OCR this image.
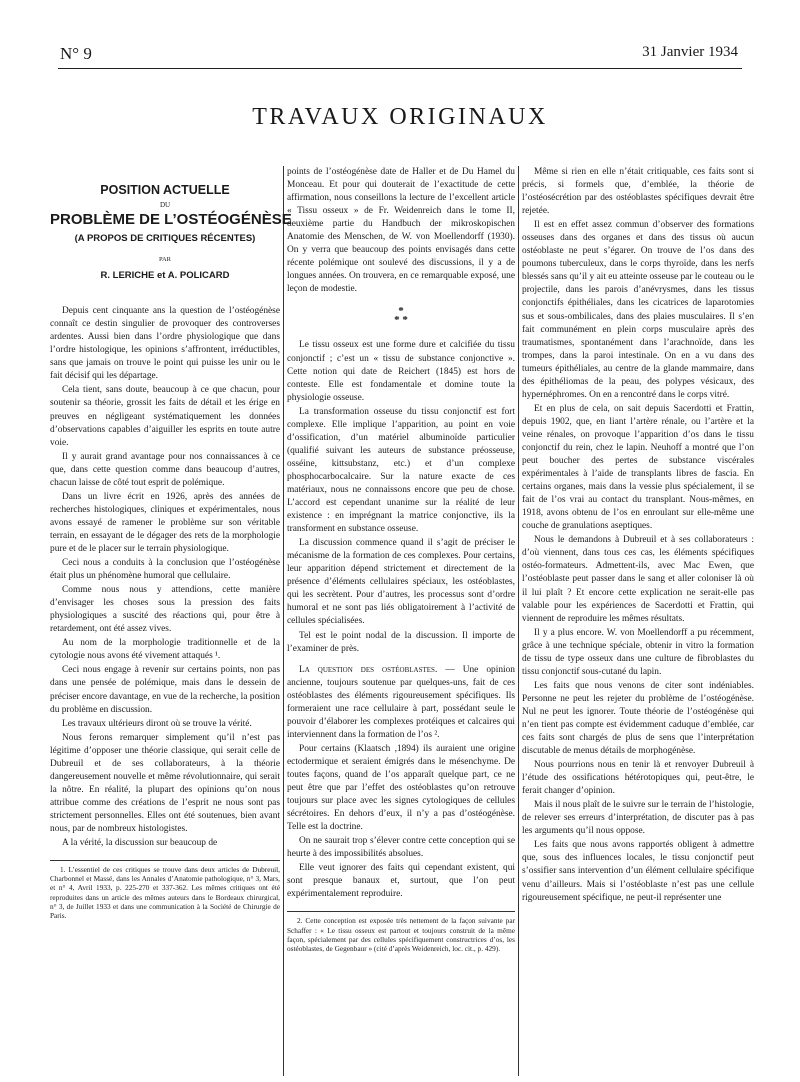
N° 9	31 Janvier 1934
TRAVAUX ORIGINAUX
POSITION ACTUELLE
DU
PROBLÈME DE L’OSTÉOGÉNÈSE
(A PROPOS DE CRITIQUES RÉCENTES)
PAR
R. LERICHE et A. POLICARD

Depuis cent cinquante ans la question de l’ostéogénèse connaît ce destin singulier de provoquer des controverses ardentes. Aussi bien dans l’ordre physiologique que dans l’ordre histologique, les opinions s’affrontent, irréductibles, sans que jamais on trouve le point qui puisse les unir ou le fait décisif qui les départage.

Cela tient, sans doute, beaucoup à ce que chacun, pour soutenir sa théorie, grossit les faits de détail et les érige en preuves en négligeant systématiquement les données d’observations capables d’aiguiller les esprits en toute autre voie.

Il y aurait grand avantage pour nos connaissances à ce que, dans cette question comme dans beaucoup d’autres, chacun laisse de côté tout esprit de polémique.

Dans un livre écrit en 1926, après des années de recherches histologiques, cliniques et expérimentales, nous avons essayé de ramener le problème sur son véritable terrain, en essayant de le dégager des rets de la morphologie pure et de le placer sur le terrain physiologique.

Ceci nous a conduits à la conclusion que l’ostéogénèse était plus un phénomène humoral que cellulaire.

Comme nous nous y attendions, cette manière d’envisager les choses sous la pression des faits physiologiques a suscité des réactions qui, pour être à retardement, ont été assez vives.

Au nom de la morphologie traditionnelle et de la cytologie nous avons été vivement attaqués ¹.

Ceci nous engage à revenir sur certains points, non pas dans une pensée de polémique, mais dans le dessein de préciser encore davantage, en vue de la recherche, la position du problème en discussion.

Les travaux ultérieurs diront où se trouve la vérité.

Nous ferons remarquer simplement qu’il n’est pas légitime d’opposer une théorie classique, qui serait celle de Dubreuil et de ses collaborateurs, à la théorie dangereusement nouvelle et même révolutionnaire, qui serait la nôtre. En réalité, la plupart des opinions qu’on nous attribue comme des créations de l’esprit ne nous sont pas strictement personnelles. Elles ont été soutenues, bien avant nous, par de nombreux histologistes.

A la vérité, la discussion sur beaucoup de

1. L’essentiel de ces critiques se trouve dans deux articles de Dubreuil, Charbonnel et Massé, dans les Annales d’Anatomie pathologique, n° 3, Mars, et n° 4, Avril 1933, p. 225-270 et 337-362. Les mêmes critiques ont été reproduites dans un article des mêmes auteurs dans le Bordeaux chirurgical, n° 3, de Juillet 1933 et dans une communication à la Société de Chirurgie de Paris.

points de l’ostéogénèse date de Haller et de Du Hamel du Monceau. Et pour qui douterait de l’exactitude de cette affirmation, nous conseillons la lecture de l’excellent article « Tissu osseux » de Fr. Weidenreich dans le tome II, deuxième partie du Handbuch der mikroskopischen Anatomie des Menschen, de W. von Moellendorff (1930). On y verra que beaucoup des points envisagés dans cette récente polémique ont soulevé des discussions, il y a de longues années. On trouvera, en ce remarquable exposé, une leçon de modestie.

*
* *

Le tissu osseux est une forme dure et calcifiée du tissu conjonctif ; c’est un « tissu de substance conjonctive ». Cette notion qui date de Reichert (1845) est hors de conteste. Elle est fondamentale et domine toute la physiologie osseuse.

La transformation osseuse du tissu conjonctif est fort complexe. Elle implique l’apparition, au point en voie d’ossification, d’un matériel albuminoïde particulier (qualifié suivant les auteurs de substance préosseuse, osséine, kittsubstanz, etc.) et d’un complexe phosphocarbocalcaire. Sur la nature exacte de ces matériaux, nous ne connaissons encore que peu de chose. L’accord est cependant unanime sur la réalité de leur existence : en imprégnant la matrice conjonctive, ils la transforment en substance osseuse.

La discussion commence quand il s’agit de préciser le mécanisme de la formation de ces complexes. Pour certains, leur apparition dépend strictement et directement de la présence d’éléments cellulaires spéciaux, les ostéoblastes, qui les secrètent. Pour d’autres, les processus sont d’ordre humoral et ne sont pas liés obligatoirement à l’activité de cellules spécialisées.

Tel est le point nodal de la discussion. Il importe de l’examiner de près.

La question des ostéoblastes. — Une opinion ancienne, toujours soutenue par quelques-uns, fait de ces ostéoblastes des éléments rigoureusement spécifiques. Ils formeraient une race cellulaire à part, possédant seule le pouvoir d’élaborer les complexes protéiques et calcaires qui interviennent dans la formation de l’os ².

Pour certains (Klaatsch ,1894) ils auraient une origine ectodermique et seraient émigrés dans le mésenchyme. De toutes façons, quand de l’os apparaît quelque part, ce ne peut être que par l’effet des ostéoblastes qu’on retrouve toujours sur place avec les signes cytologiques de cellules sécrétoires. En dehors d’eux, il n’y a pas d’ostéogénèse. Telle est la doctrine.

On ne saurait trop s’élever contre cette conception qui se heurte à des impossibilités absolues.

Elle veut ignorer des faits qui cependant existent, qui sont presque banaux et, surtout, que l’on peut expérimentalement reproduire.

2. Cette conception est exposée très nettement de la façon suivante par Schaffer : « Le tissu osseux est partout et toujours construit de la même façon, spécialement par des cellules spécifiquement constructrices d’os, les ostéoblastes, de Gegenbaur » (cité d’après Weidenreich, loc. cit., p. 429).

Même si rien en elle n’était critiquable, ces faits sont si précis, si formels que, d’emblée, la théorie de l’ostéosécrétion par des ostéoblastes spécifiques devrait être rejetée.

Il est en effet assez commun d’observer des formations osseuses dans des organes et dans des tissus où aucun ostéoblaste ne peut s’égarer. On trouve de l’os dans des poumons tuberculeux, dans le corps thyroïde, dans les nerfs blessés sans qu’il y ait eu atteinte osseuse par le couteau ou le projectile, dans les parois d’anévrysmes, dans les tissus conjonctifs épithéliales, dans les cicatrices de laparotomies sus et sous-ombilicales, dans des plaies musculaires. Il s’en fait communément en plein corps musculaire après des traumatismes, spontanément dans l’arachnoïde, dans les trompes, dans la paroi intestinale. On en a vu dans des tumeurs épithéliales, au centre de la glande mammaire, dans des épithéliomas de la peau, des polypes vésicaux, des hypernéphromes. On en a rencontré dans le corps vitré.

Et en plus de cela, on sait depuis Sacerdotti et Frattin, depuis 1902, que, en liant l’artère rénale, ou l’artère et la veine rénales, on provoque l’apparition d’os dans le tissu conjonctif du rein, chez le lapin. Neuhoff a montré que l’on peut boucher des pertes de substance viscérales expérimentales à l’aide de transplants libres de fascia. En certains organes, mais dans la vessie plus spécialement, il se fait de l’os vrai au contact du transplant. Nous-mêmes, en 1918, avons obtenu de l’os en enroulant sur elle-même une couche de granulations aseptiques.

Nous le demandons à Dubreuil et à ses collaborateurs : d’où viennent, dans tous ces cas, les éléments spécifiques ostéo-formateurs. Admettent-ils, avec Mac Ewen, que l’ostéoblaste peut passer dans le sang et aller coloniser là où il lui plaît ? Et encore cette explication ne serait-elle pas valable pour les expériences de Sacerdotti et Frattin, qui viennent de reproduire les mêmes résultats.

Il y a plus encore. W. von Moellendorff a pu récemment, grâce à une technique spéciale, obtenir in vitro la formation de tissu de type osseux dans une culture de fibroblastes du tissu conjonctif sous-cutané du lapin.

Les faits que nous venons de citer sont indéniables. Personne ne peut les rejeter du problème de l’ostéogénèse. Nul ne peut les ignorer. Toute théorie de l’ostéogénèse qui n’en tient pas compte est évidemment caduque d’emblée, car ces faits sont chargés de plus de sens que l’interprétation discutable de menus détails de morphogénèse.

Nous pourrions nous en tenir là et renvoyer Dubreuil à l’étude des ossifications hétérotopiques qui, peut-être, le ferait changer d’opinion.

Mais il nous plaît de le suivre sur le terrain de l’histologie, de relever ses erreurs d’interprétation, de discuter pas à pas les arguments qu’il nous oppose.

Les faits que nous avons rapportés obligent à admettre que, sous des influences locales, le tissu conjonctif peut s’ossifier sans intervention d’un élément cellulaire spécifique venu d’ailleurs. Mais si l’ostéoblaste n’est pas une cellule rigoureusement spécifique, ne peut-il représenter une
